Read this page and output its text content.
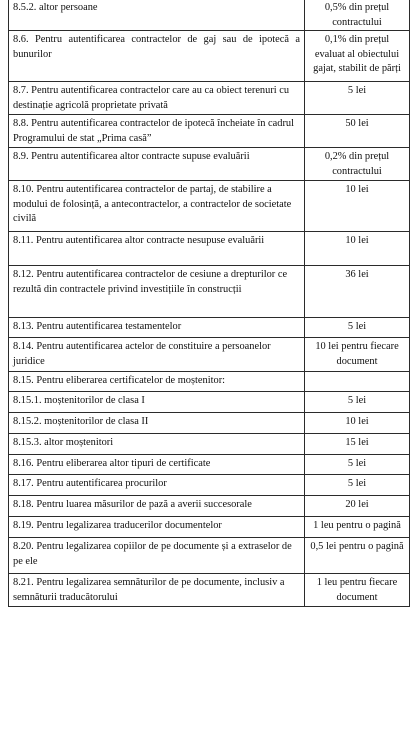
8.5.2. altor persoane	0,5% din prețul contractului
8.6. Pentru autentificarea contractelor de gaj sau de ipotecă a bunurilor	0,1% din prețul evaluat al obiectului gajat, stabilit de părți
8.7. Pentru autentificarea contractelor care au ca obiect terenuri cu destinație agricolă proprietate privată	5 lei
8.8. Pentru autentificarea contractelor de ipotecă încheiate în cadrul Programului de stat „Prima casă”	50 lei
8.9. Pentru autentificarea altor contracte supuse evaluării	0,2% din prețul contractului
8.10. Pentru autentificarea contractelor de partaj, de stabilire a modului de folosință, a antecontractelor, a contractelor de societate civilă	10 lei
8.11. Pentru autentificarea altor contracte nesupuse evaluării	10 lei
8.12. Pentru autentificarea contractelor de cesiune a drepturilor ce rezultă din contractele privind investițiile în construcții	36 lei
8.13. Pentru autentificarea testamentelor	5 lei
8.14. Pentru autentificarea actelor de constituire a persoanelor juridice	10 lei pentru fiecare document
8.15. Pentru eliberarea certificatelor de moștenitor:	
8.15.1. moștenitorilor de clasa I	5 lei
8.15.2. moștenitorilor de clasa II	10 lei
8.15.3. altor moștenitori	15 lei
8.16. Pentru eliberarea altor tipuri de certificate	5 lei
8.17. Pentru autentificarea procurilor	5 lei
8.18. Pentru luarea măsurilor de pază a averii succesorale	20 lei
8.19. Pentru legalizarea traducerilor documentelor	1 leu pentru o pagină
8.20. Pentru legalizarea copiilor de pe documente și a extraselor de pe ele	0,5 lei pentru o pagină
8.21. Pentru legalizarea semnăturilor de pe documente, inclusiv a semnăturii traducătorului	1 leu pentru fiecare document
